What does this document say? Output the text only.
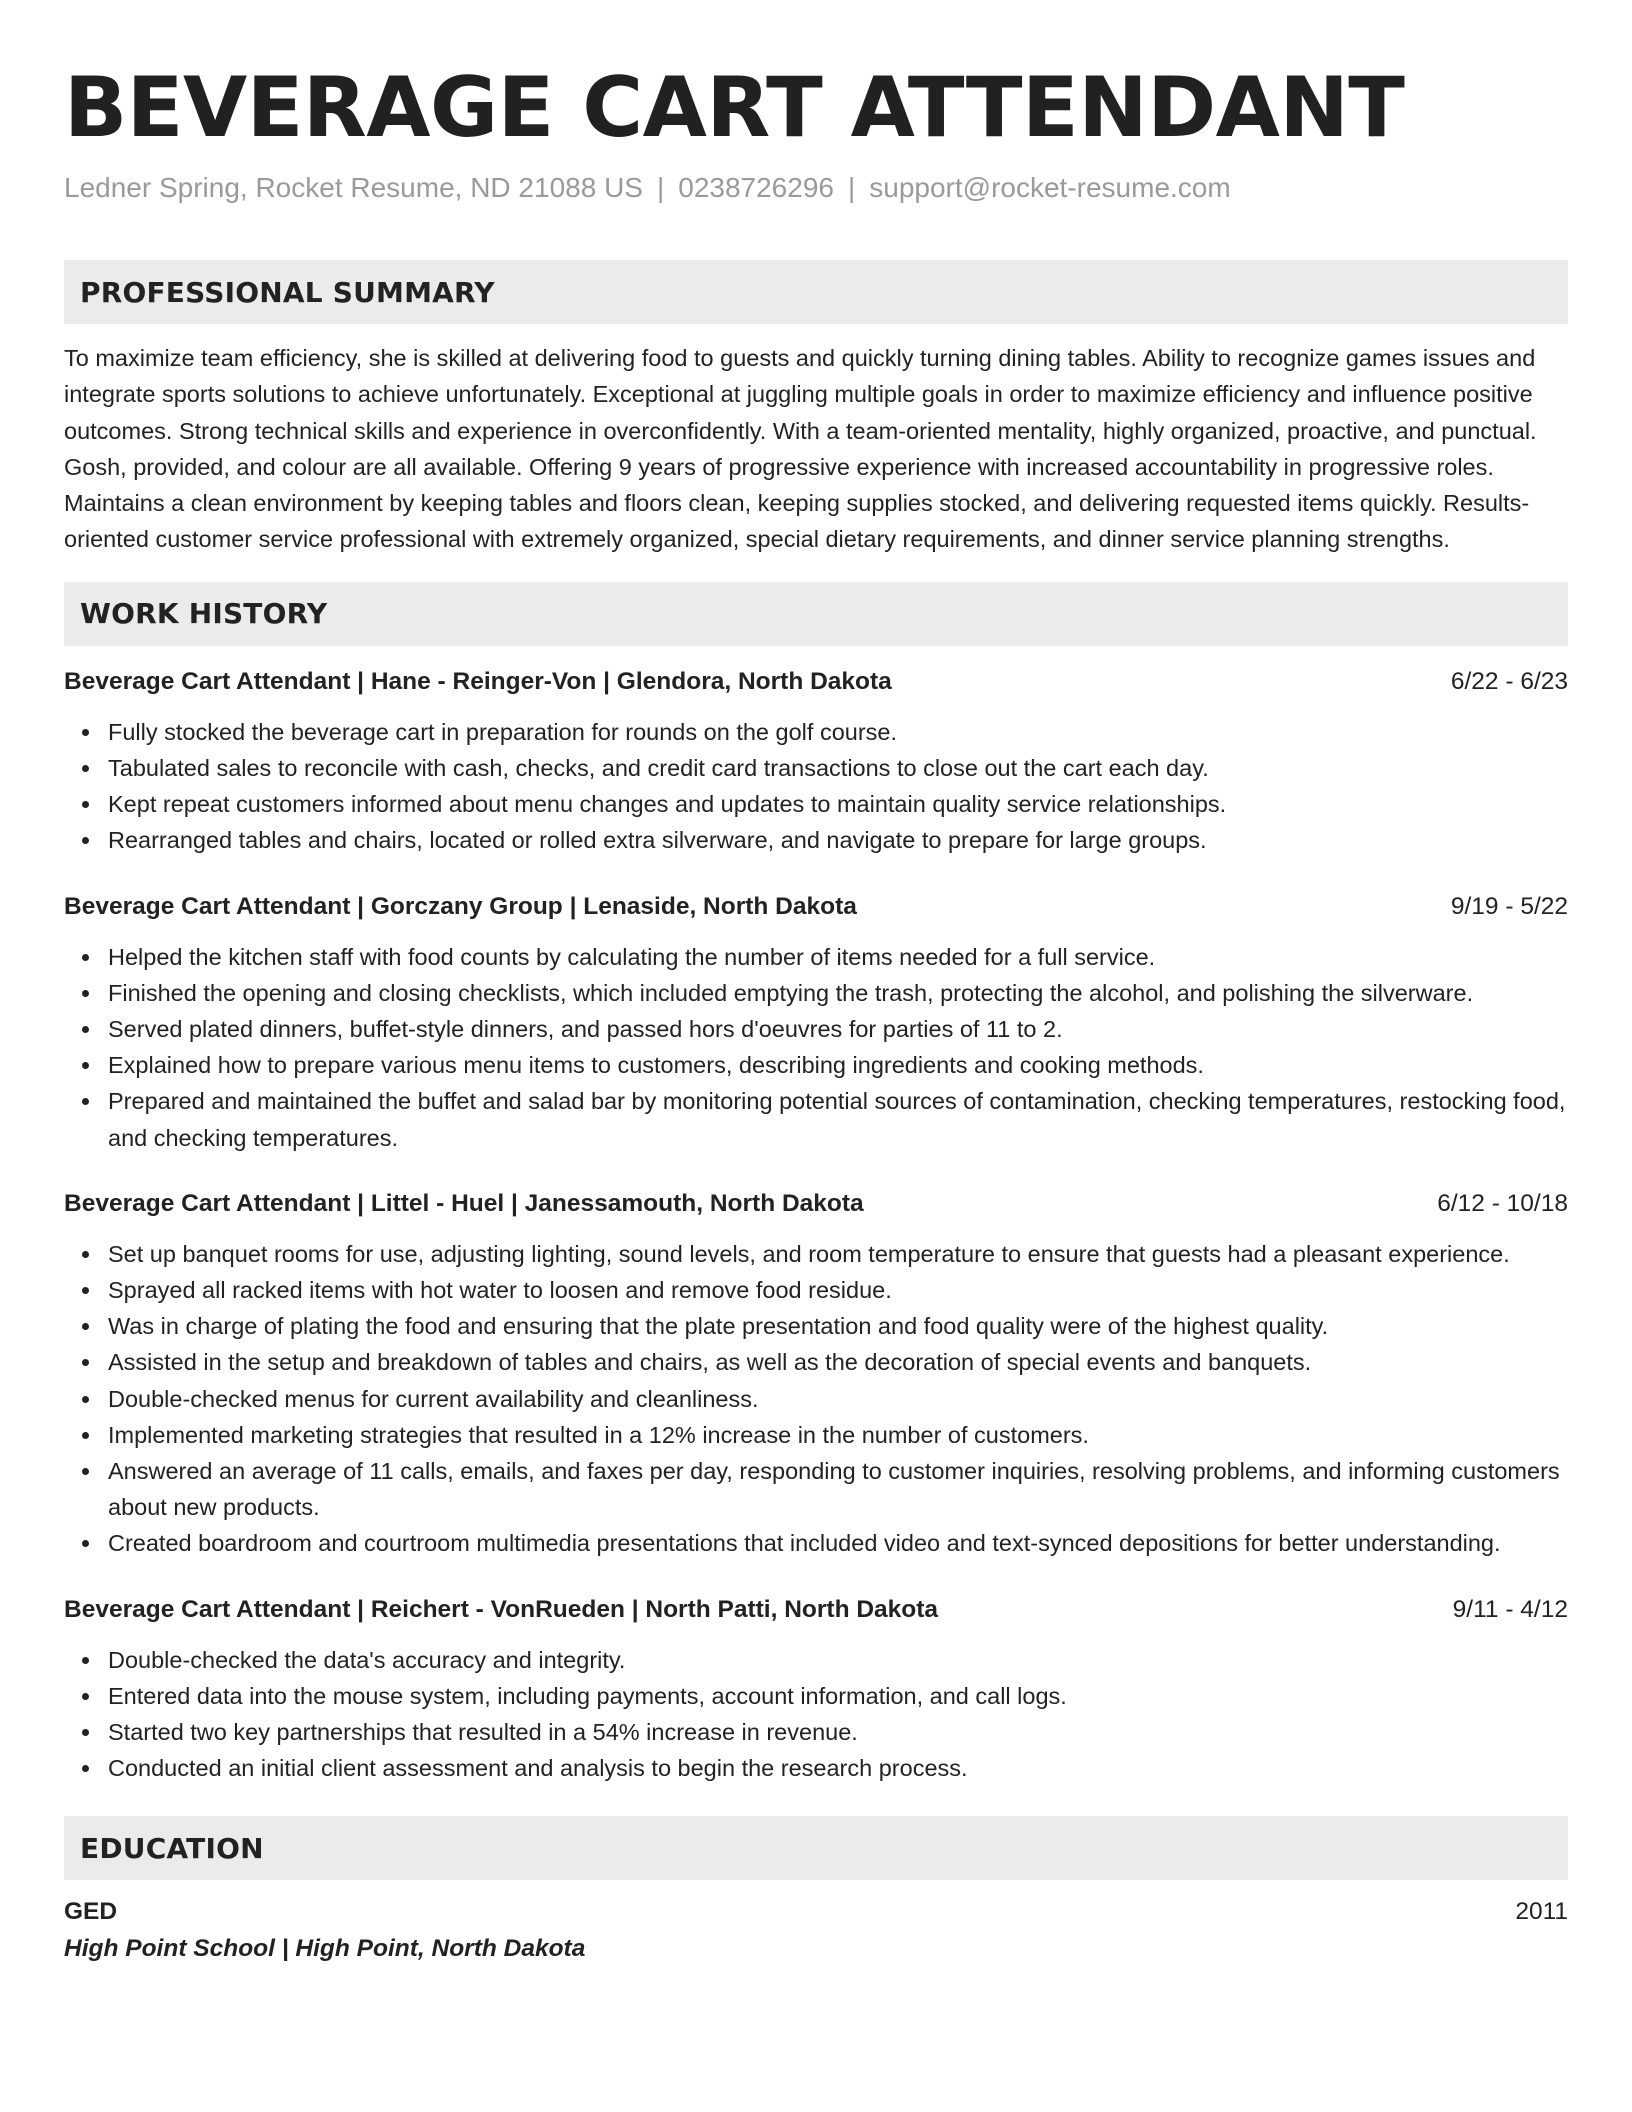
BEVERAGE CART ATTENDANT
Ledner Spring, Rocket Resume, ND 21088 US | 0238726296 | support@rocket-resume.com
PROFESSIONAL SUMMARY

To maximize team efficiency, she is skilled at delivering food to guests and quickly turning dining tables. Ability to recognize games issues and integrate sports solutions to achieve unfortunately. Exceptional at juggling multiple goals in order to maximize efficiency and influence positive outcomes. Strong technical skills and experience in overconfidently. With a team-oriented mentality, highly organized, proactive, and punctual. Gosh, provided, and colour are all available. Offering 9 years of progressive experience with increased accountability in progressive roles. Maintains a clean environment by keeping tables and floors clean, keeping supplies stocked, and delivering requested items quickly. Results-oriented customer service professional with extremely organized, special dietary requirements, and dinner service planning strengths.

WORK HISTORY
Beverage Cart Attendant | Hane - Reinger-Von | Glendora, North Dakota	6/22 - 6/23
Fully stocked the beverage cart in preparation for rounds on the golf course.
Tabulated sales to reconcile with cash, checks, and credit card transactions to close out the cart each day.
Kept repeat customers informed about menu changes and updates to maintain quality service relationships.
Rearranged tables and chairs, located or rolled extra silverware, and navigate to prepare for large groups.
Beverage Cart Attendant | Gorczany Group | Lenaside, North Dakota	9/19 - 5/22
Helped the kitchen staff with food counts by calculating the number of items needed for a full service.
Finished the opening and closing checklists, which included emptying the trash, protecting the alcohol, and polishing the silverware.
Served plated dinners, buffet-style dinners, and passed hors d'oeuvres for parties of 11 to 2.
Explained how to prepare various menu items to customers, describing ingredients and cooking methods.
Prepared and maintained the buffet and salad bar by monitoring potential sources of contamination, checking temperatures, restocking food, and checking temperatures.
Beverage Cart Attendant | Littel - Huel | Janessamouth, North Dakota	6/12 - 10/18
Set up banquet rooms for use, adjusting lighting, sound levels, and room temperature to ensure that guests had a pleasant experience.
Sprayed all racked items with hot water to loosen and remove food residue.
Was in charge of plating the food and ensuring that the plate presentation and food quality were of the highest quality.
Assisted in the setup and breakdown of tables and chairs, as well as the decoration of special events and banquets.
Double-checked menus for current availability and cleanliness.
Implemented marketing strategies that resulted in a 12% increase in the number of customers.
Answered an average of 11 calls, emails, and faxes per day, responding to customer inquiries, resolving problems, and informing customers about new products.
Created boardroom and courtroom multimedia presentations that included video and text-synced depositions for better understanding.
Beverage Cart Attendant | Reichert - VonRueden | North Patti, North Dakota	9/11 - 4/12
Double-checked the data's accuracy and integrity.
Entered data into the mouse system, including payments, account information, and call logs.
Started two key partnerships that resulted in a 54% increase in revenue.
Conducted an initial client assessment and analysis to begin the research process.
EDUCATION
GED	2011
High Point School | High Point, North Dakota
